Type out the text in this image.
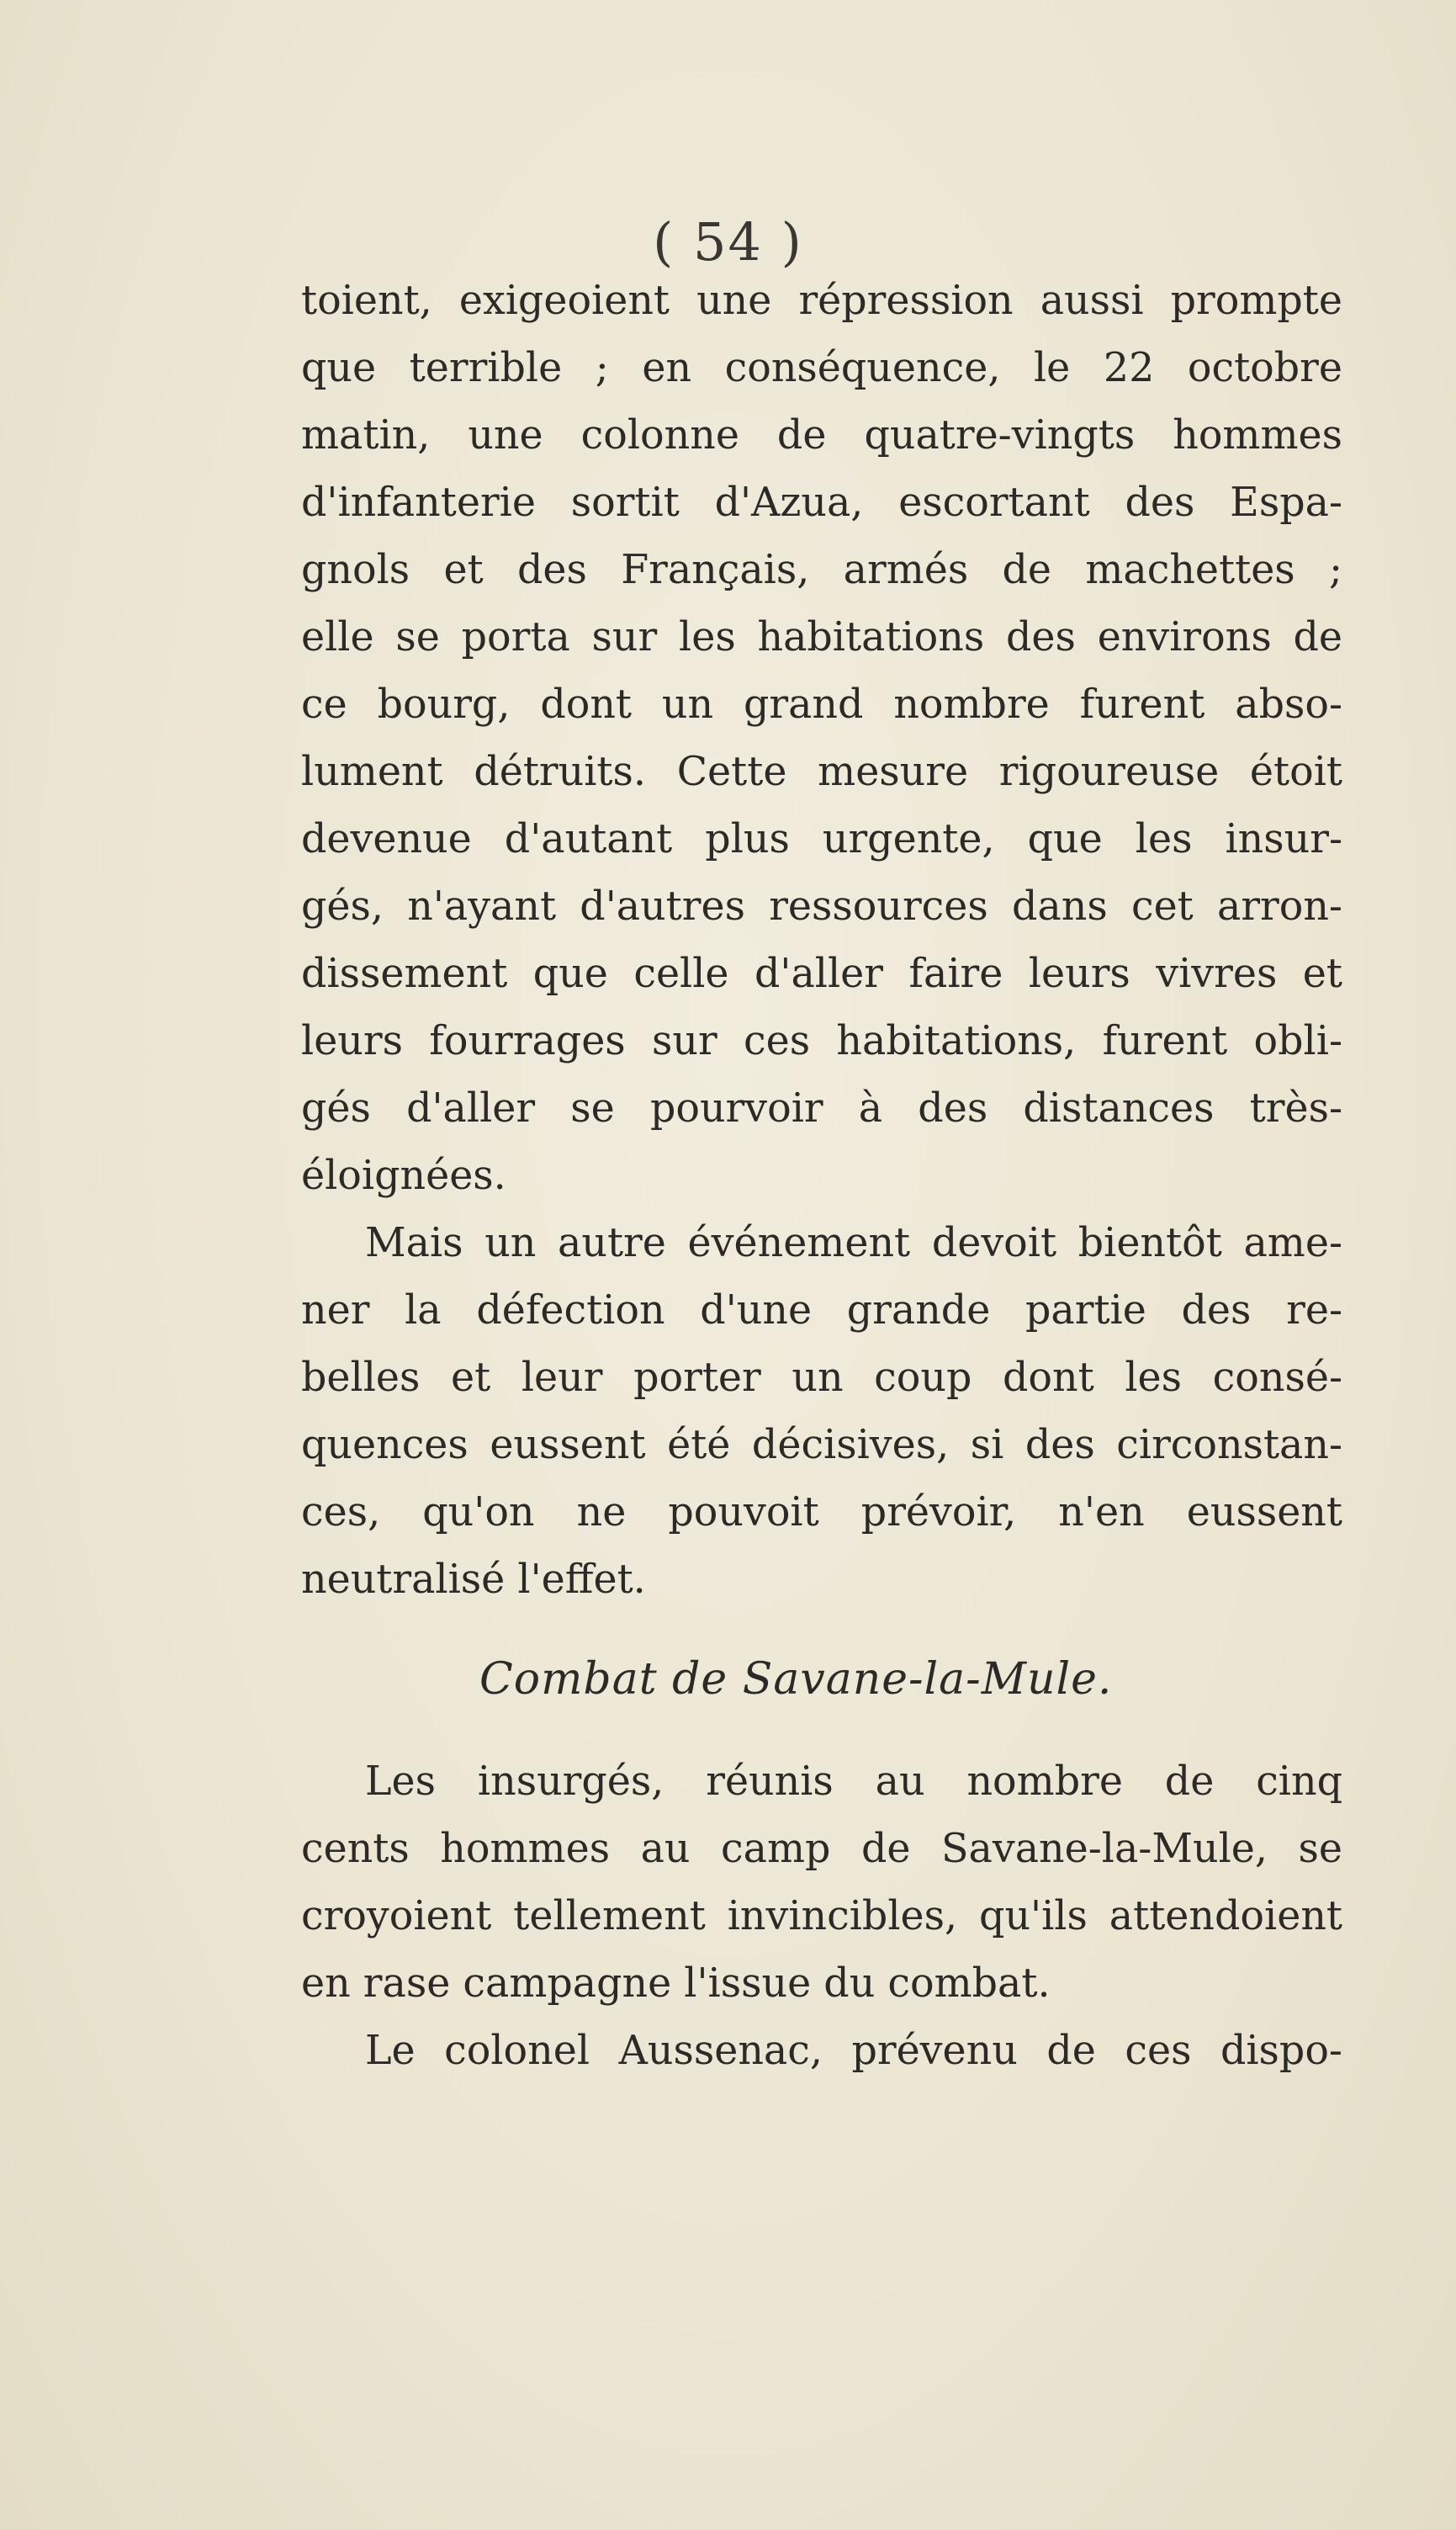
( 54 )
toient, exigeoient une répression aussi prompte
que terrible ; en conséquence, le 22 octobre
matin, une colonne de quatre-vingts hommes
d'infanterie sortit d'Azua, escortant des Espa-
gnols et des Français, armés de machettes ;
elle se porta sur les habitations des environs de
ce bourg, dont un grand nombre furent abso-
lument détruits. Cette mesure rigoureuse étoit
devenue d'autant plus urgente, que les insur-
gés, n'ayant d'autres ressources dans cet arron-
dissement que celle d'aller faire leurs vivres et
leurs fourrages sur ces habitations, furent obli-
gés d'aller se pourvoir à des distances très-
éloignées.
Mais un autre événement devoit bientôt ame-
ner la défection d'une grande partie des re-
belles et leur porter un coup dont les consé-
quences eussent été décisives, si des circonstan-
ces, qu'on ne pouvoit prévoir, n'en eussent
neutralisé l'effet.
Combat de Savane-la-Mule.
Les insurgés, réunis au nombre de cinq
cents hommes au camp de Savane-la-Mule, se
croyoient tellement invincibles, qu'ils attendoient
en rase campagne l'issue du combat.
Le colonel Aussenac, prévenu de ces dispo-
